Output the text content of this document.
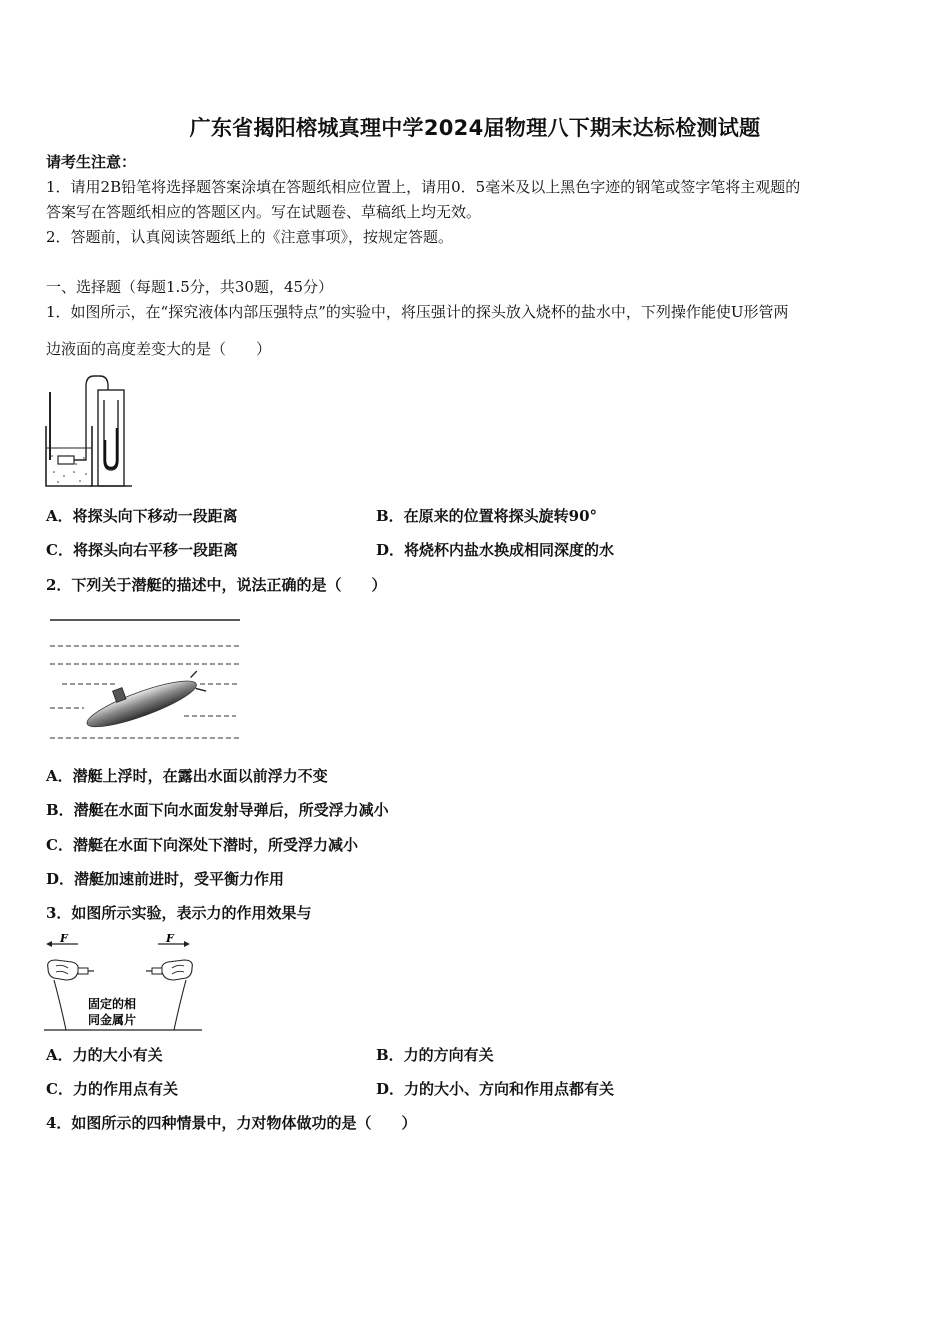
广东省揭阳榕城真理中学2024届物理八下期末达标检测试题
请考生注意：
1．请用2B铅笔将选择题答案涂填在答题纸相应位置上，请用0．5毫米及以上黑色字迹的钢笔或签字笔将主观题的
答案写在答题纸相应的答题区内。写在试题卷、草稿纸上均无效。
2．答题前，认真阅读答题纸上的《注意事项》，按规定答题。
一、选择题（每题1.5分，共30题，45分）
1．如图所示，在“探究液体内部压强特点”的实验中，将压强计的探头放入烧杯的盐水中，下列操作能使U形管两
边液面的高度差变大的是（　　）
A．将探头向下移动一段距离	B．在原来的位置将探头旋转90°
C．将探头向右平移一段距离	D．将烧杯内盐水换成相同深度的水
2．下列关于潜艇的描述中，说法正确的是（　　）
A．潜艇上浮时，在露出水面以前浮力不变
B．潜艇在水面下向水面发射导弹后，所受浮力减小
C．潜艇在水面下向深处下潜时，所受浮力减小
D．潜艇加速前进时，受平衡力作用
3．如图所示实验，表示力的作用效果与
F	F
固定的相
同金属片
A．力的大小有关	B．力的方向有关
C．力的作用点有关	D．力的大小、方向和作用点都有关
4．如图所示的四种情景中，力对物体做功的是（　　）
